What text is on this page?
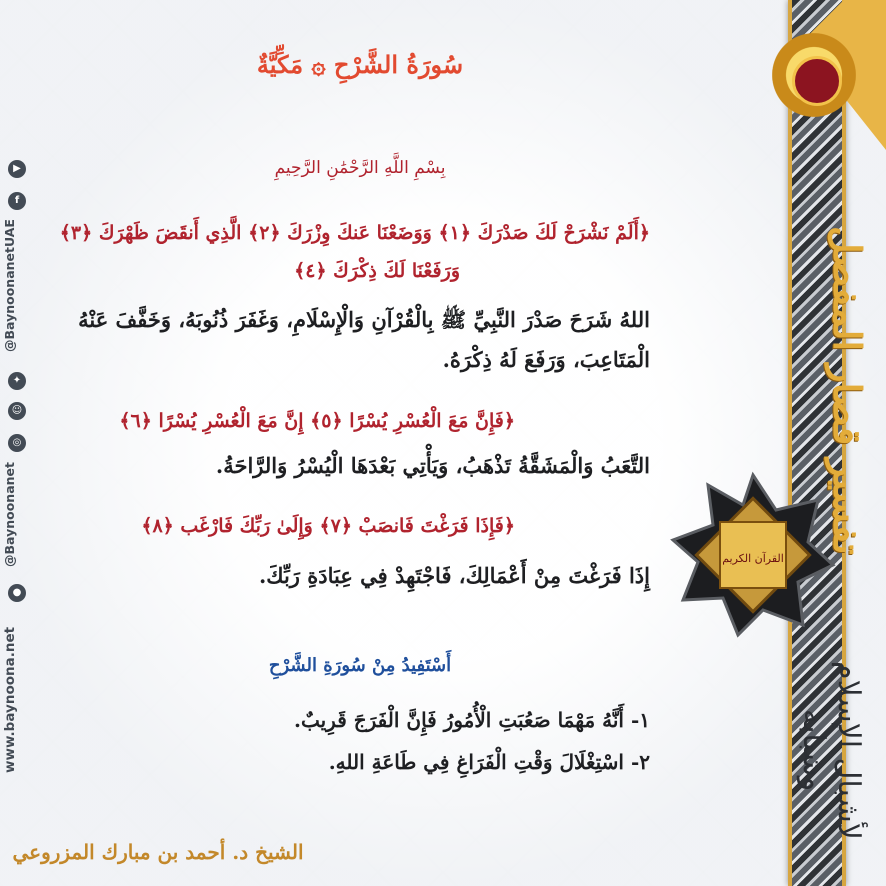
▶
f
@BaynoonanetUAE
✦
☺
◎
@Baynoonanet
●
www.baynoona.net
تفسير قصار المفصل
لأشبال الإسلام وشبابه
القرآن الكريم
سُورَةُ الشَّرْحِ ۞ مَكِّيَّةٌ
بِسْمِ اللَّهِ الرَّحْمَٰنِ الرَّحِيمِ
﴿أَلَمْ نَشْرَحْ لَكَ صَدْرَكَ ﴿١﴾ وَوَضَعْنَا عَنكَ وِزْرَكَ ﴿٢﴾ الَّذِي أَنقَضَ ظَهْرَكَ ﴿٣﴾
وَرَفَعْنَا لَكَ ذِكْرَكَ ﴿٤﴾
اللهُ شَرَحَ صَدْرَ النَّبِيِّ ﷺ بِالْقُرْآنِ وَالْإِسْلَامِ، وَغَفَرَ ذُنُوبَهُ، وَخَفَّفَ عَنْهُ الْمَتَاعِبَ، وَرَفَعَ لَهُ ذِكْرَهُ.
﴿فَإِنَّ مَعَ الْعُسْرِ يُسْرًا ﴿٥﴾ إِنَّ مَعَ الْعُسْرِ يُسْرًا ﴿٦﴾
التَّعَبُ وَالْمَشَقَّةُ تَذْهَبُ، وَيَأْتِي بَعْدَهَا الْيُسْرُ وَالرَّاحَةُ.
﴿فَإِذَا فَرَغْتَ فَانصَبْ ﴿٧﴾ وَإِلَىٰ رَبِّكَ فَارْغَب ﴿٨﴾
إِذَا فَرَغْتَ مِنْ أَعْمَالِكَ، فَاجْتَهِدْ فِي عِبَادَةِ رَبِّكَ.
أَسْتَفِيدُ مِنْ سُورَةِ الشَّرْحِ
١- أَنَّهُ مَهْمَا صَعُبَتِ الْأُمُورُ فَإِنَّ الْفَرَجَ قَرِيبٌ.
٢- اسْتِغْلَالَ وَقْتِ الْفَرَاغِ فِي طَاعَةِ اللهِ.
الشيخ د. أحمد بن مبارك المزروعي
